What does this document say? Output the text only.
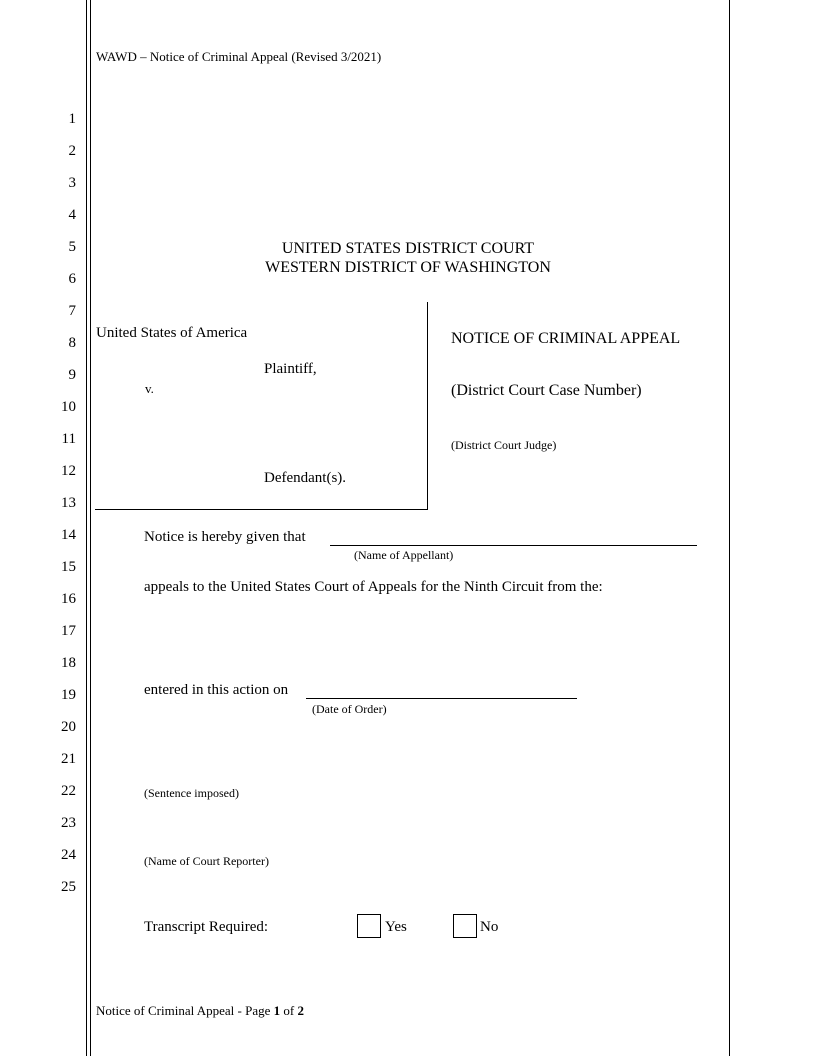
WAWD – Notice of Criminal Appeal (Revised 3/2021)
1
2
3
4
5
6
7
8
9
10
11
12
13
14
15
16
17
18
19
20
21
22
23
24
25
UNITED STATES DISTRICT COURT
WESTERN DISTRICT OF WASHINGTON
United States of America
Plaintiff,
v.
Defendant(s).
NOTICE OF CRIMINAL APPEAL
(District Court Case Number)
(District Court Judge)
Notice is hereby given that
(Name of Appellant)
appeals to the United States Court of Appeals for the Ninth Circuit from the:
entered in this action on
(Date of Order)
(Sentence imposed)
(Name of Court Reporter)
Transcript Required:	Yes	No
Notice of Criminal Appeal - Page 1 of 2
